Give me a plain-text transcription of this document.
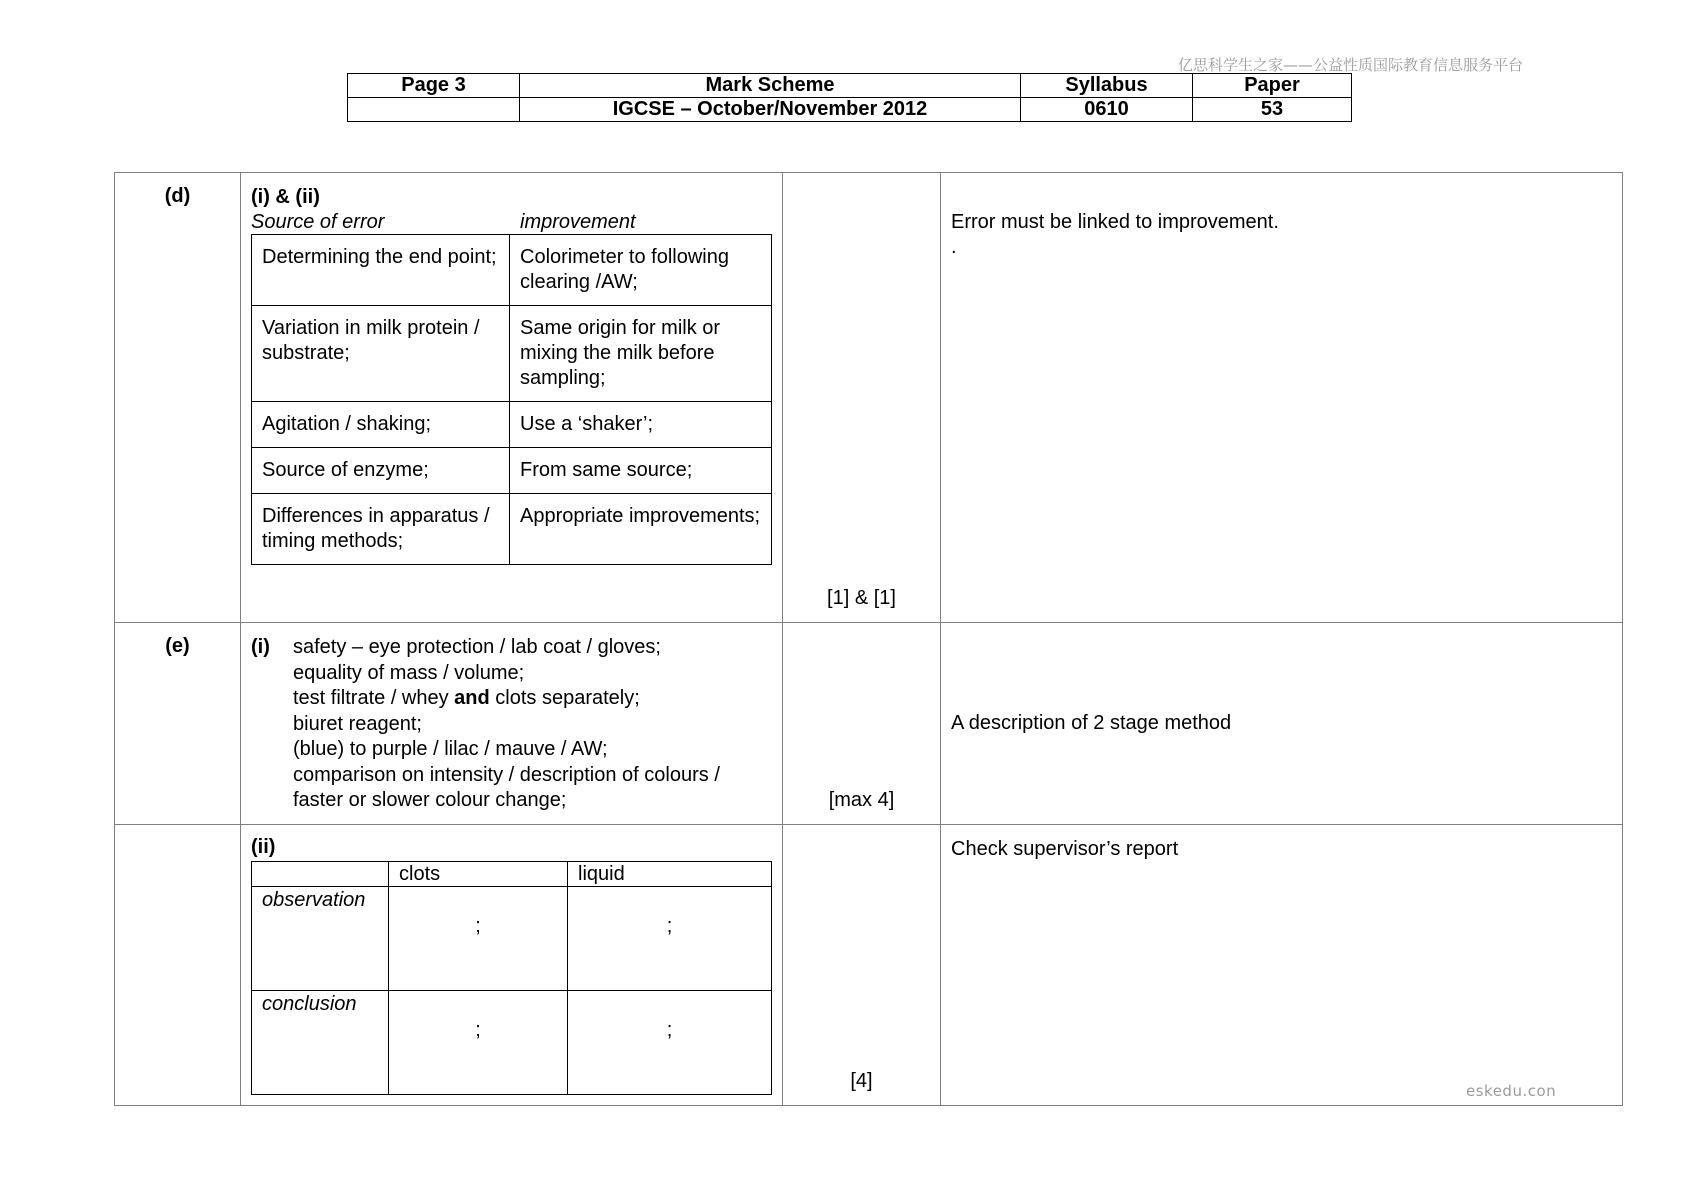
亿思科学生之家——公益性质国际教育信息服务平台
Page 3	Mark Scheme	Syllabus	Paper
	IGCSE – October/November 2012	0610	53
(d)	(i) & (ii)
Source of error	improvement
Determining the end point;	Colorimeter to following clearing /AW;
Variation in milk protein / substrate;	Same origin for milk or mixing the milk before sampling;
Agitation / shaking;	Use a ‘shaker’;
Source of enzyme;	From same source;
Differences in apparatus / timing methods;	Appropriate improvements;
	[1] & [1]	
Error must be linked to improvement.
.

(e)	(i)	safety – eye protection / lab coat / gloves;
equality of mass / volume;
test filtrate / whey and clots separately;
biuret reagent;
(blue) to purple / lilac / mauve / AW;
comparison on intensity / description of colours /
faster or slower colour change;	[max 4]	A description of 2 stage method

(ii)
	clots	liquid
observation	;	;
conclusion	;	;
	[4]	Check supervisor’s report
eskedu.con
